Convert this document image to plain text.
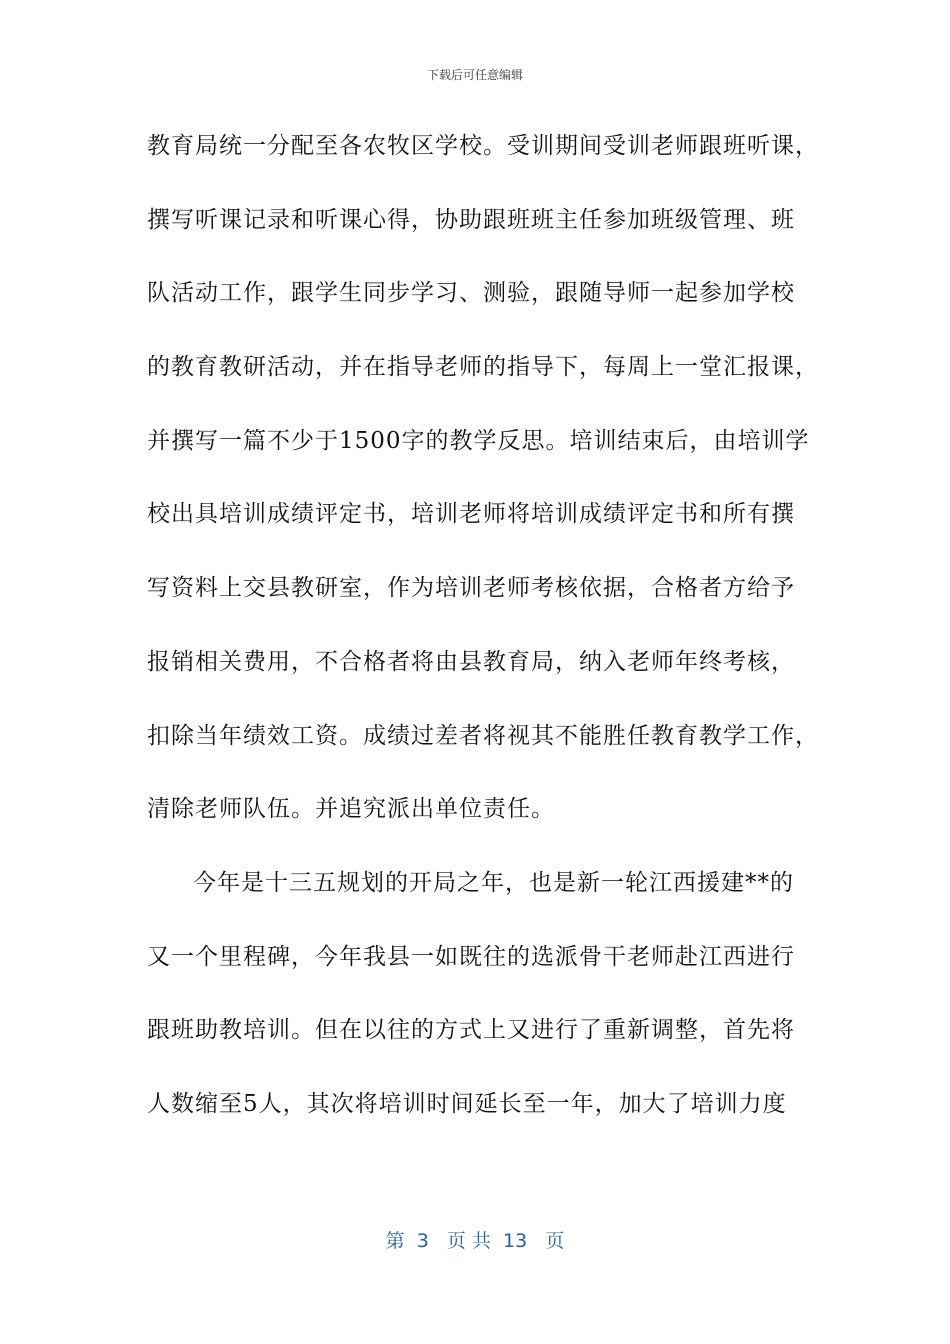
下载后可任意编辑
教育局统一分配至各农牧区学校。受训期间受训老师跟班听课，
撰写听课记录和听课心得，协助跟班班主任参加班级管理、班
队活动工作，跟学生同步学习、测验，跟随导师一起参加学校
的教育教研活动，并在指导老师的指导下，每周上一堂汇报课，
并撰写一篇不少于1500字的教学反思。培训结束后，由培训学
校出具培训成绩评定书，培训老师将培训成绩评定书和所有撰
写资料上交县教研室，作为培训老师考核依据，合格者方给予
报销相关费用，不合格者将由县教育局，纳入老师年终考核，
扣除当年绩效工资。成绩过差者将视其不能胜任教育教学工作，
清除老师队伍。并追究派出单位责任。
今年是十三五规划的开局之年，也是新一轮江西援建**的
又一个里程碑，今年我县一如既往的选派骨干老师赴江西进行
跟班助教培训。但在以往的方式上又进行了重新调整，首先将
人数缩至5人，其次将培训时间延长至一年，加大了培训力度
第  3   页 共  13   页
